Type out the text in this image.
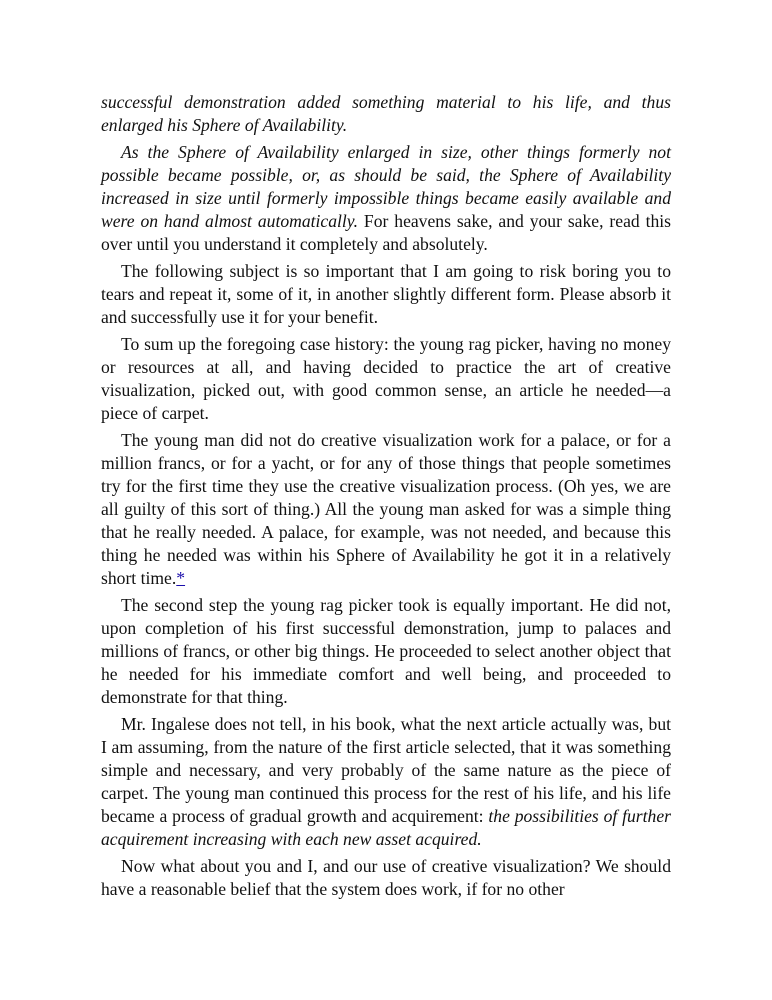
successful demonstration added something material to his life, and thus enlarged his Sphere of Availability.

As the Sphere of Availability enlarged in size, other things formerly not possible became possible, or, as should be said, the Sphere of Availability increased in size until formerly impossible things became easily available and were on hand almost automatically. For heavens sake, and your sake, read this over until you understand it completely and absolutely.

The following subject is so important that I am going to risk boring you to tears and repeat it, some of it, in another slightly different form. Please absorb it and successfully use it for your benefit.

To sum up the foregoing case history: the young rag picker, having no money or resources at all, and having decided to practice the art of creative visualization, picked out, with good common sense, an article he needed—a piece of carpet.

The young man did not do creative visualization work for a palace, or for a million francs, or for a yacht, or for any of those things that people sometimes try for the first time they use the creative visualization process. (Oh yes, we are all guilty of this sort of thing.) All the young man asked for was a simple thing that he really needed. A palace, for example, was not needed, and because this thing he needed was within his Sphere of Availability he got it in a relatively short time.*

The second step the young rag picker took is equally important. He did not, upon completion of his first successful demonstration, jump to palaces and millions of francs, or other big things. He proceeded to select another object that he needed for his immediate comfort and well being, and proceeded to demonstrate for that thing.

Mr. Ingalese does not tell, in his book, what the next article actually was, but I am assuming, from the nature of the first article selected, that it was something simple and necessary, and very probably of the same nature as the piece of carpet. The young man continued this process for the rest of his life, and his life became a process of gradual growth and acquirement: the possibilities of further acquirement increasing with each new asset acquired.

Now what about you and I, and our use of creative visualization? We should have a reasonable belief that the system does work, if for no other
